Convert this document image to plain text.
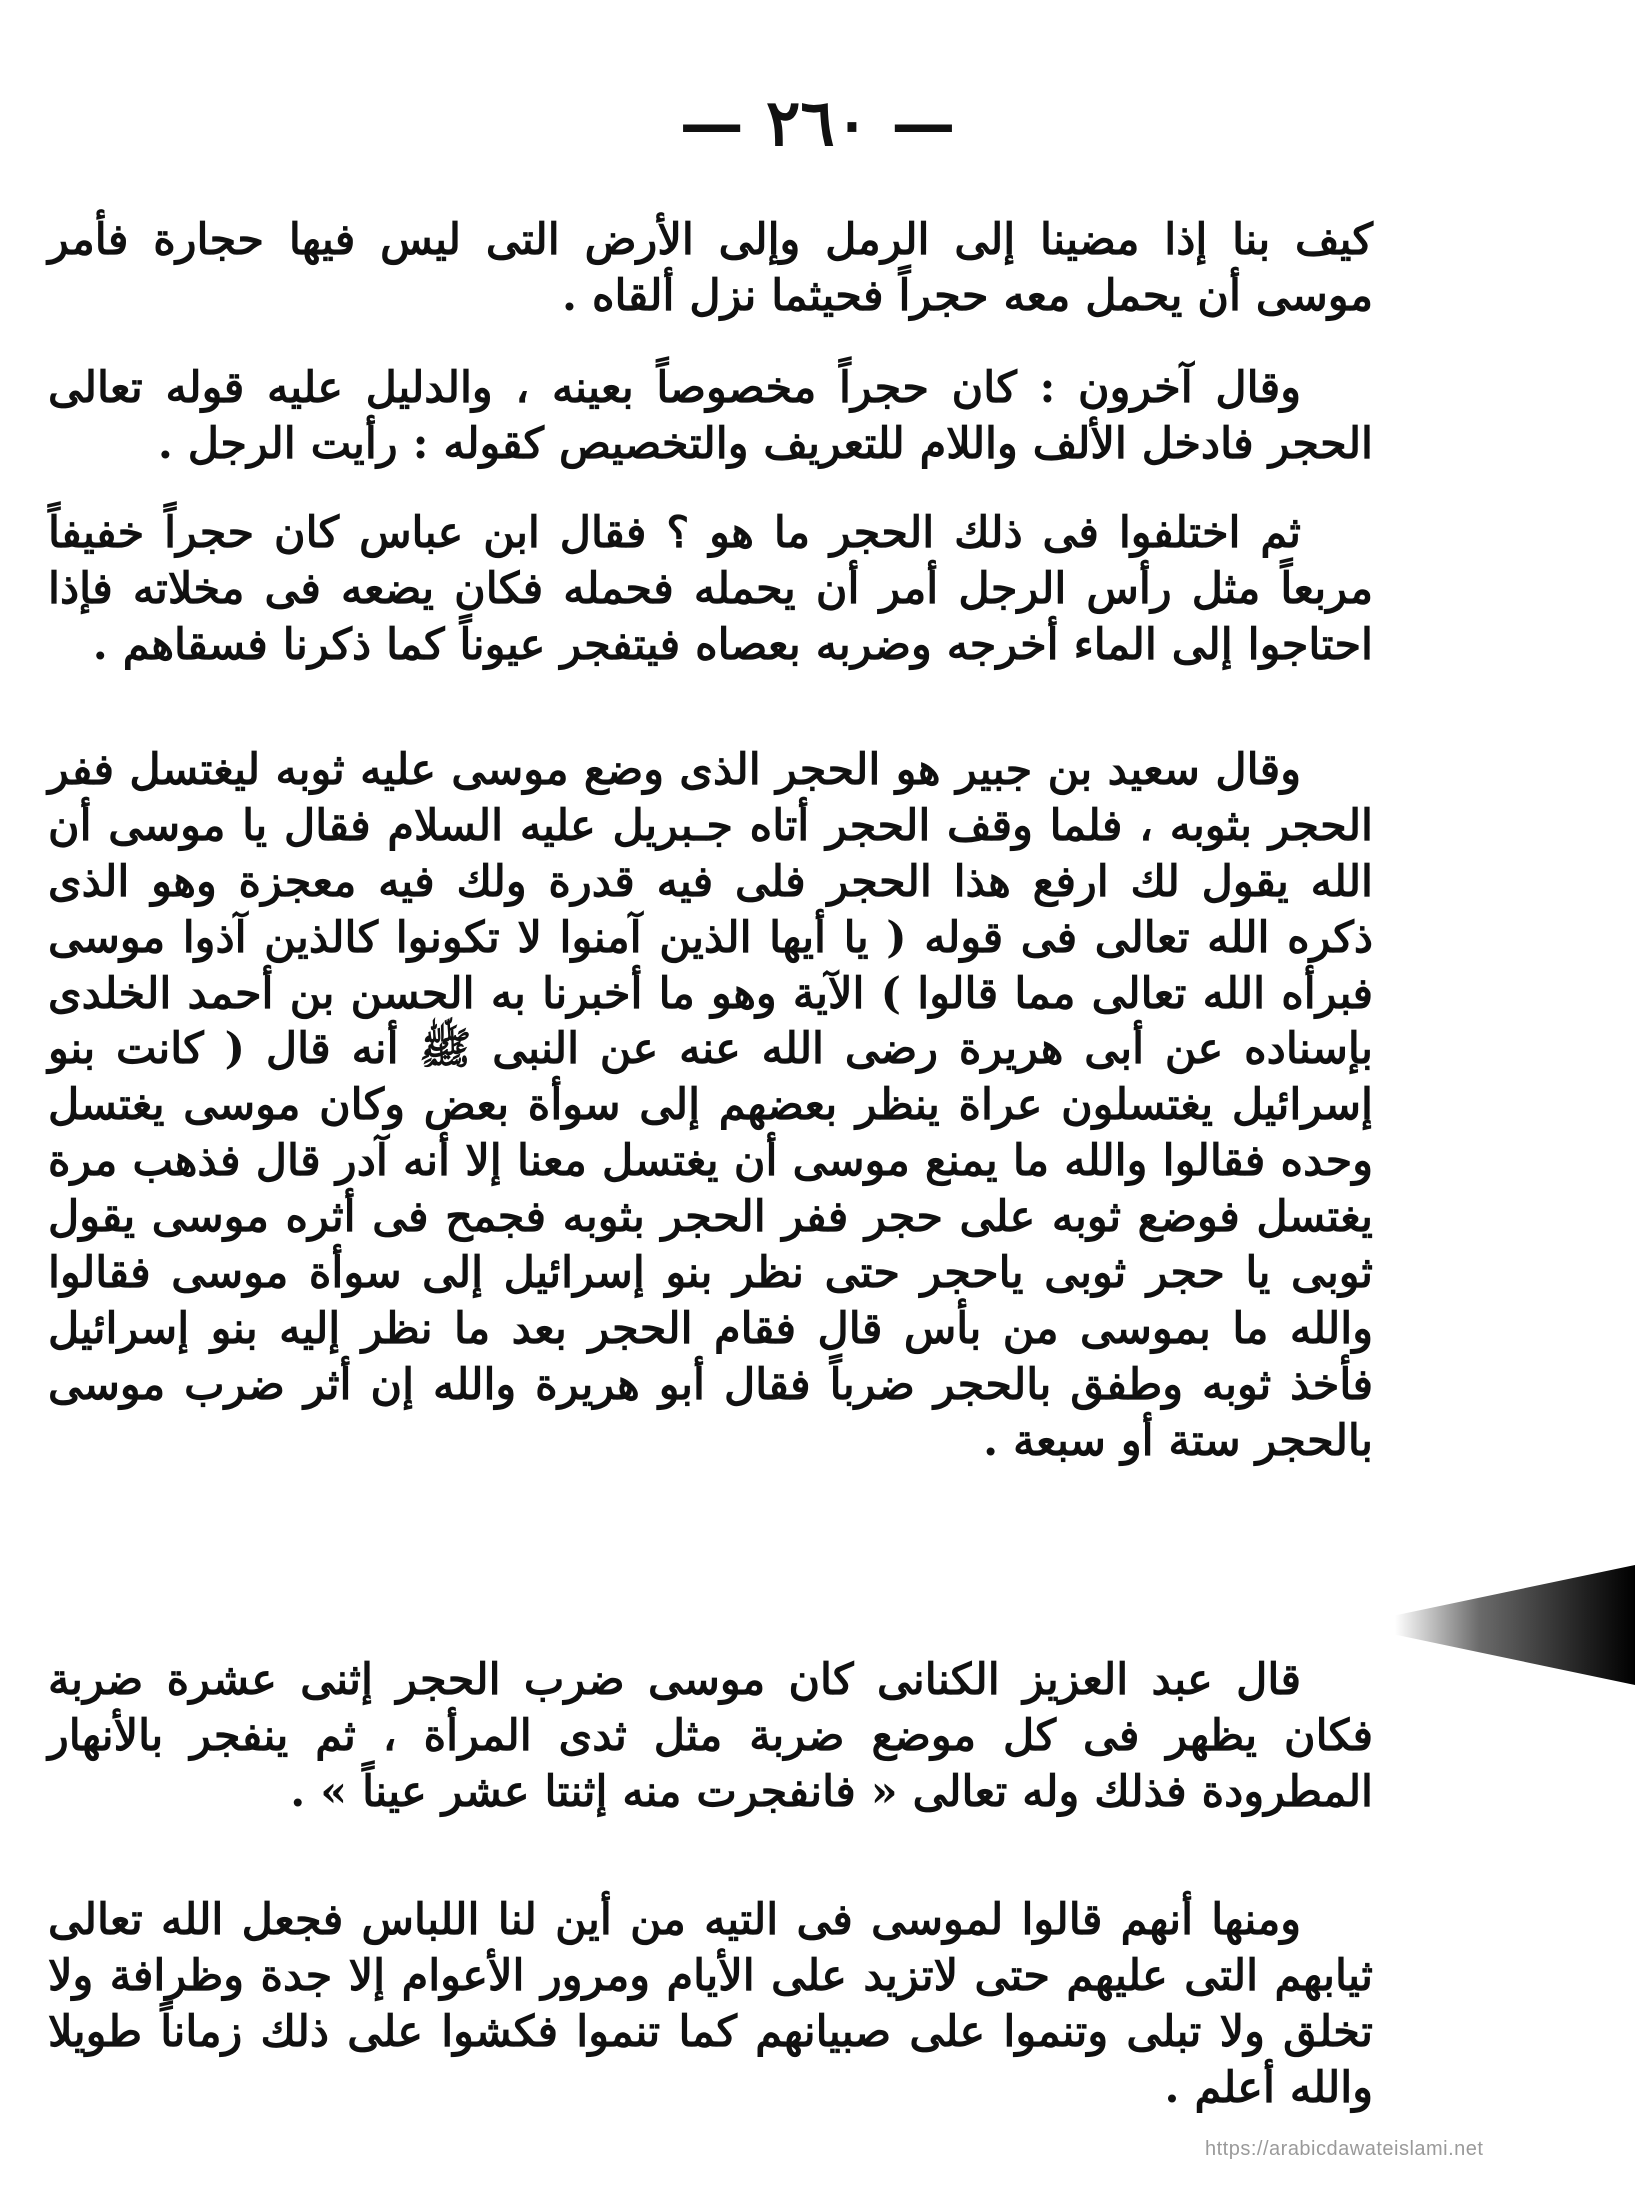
— ٢٦٠ —

كيف بنا إذا مضينا إلى الرمل وإلى الأرض التى ليس فيها حجارة فأمر موسى أن يحمل معه حجراً فحيثما نزل ألقاه .

وقال آخرون : كان حجراً مخصوصاً بعينه ، والدليل عليه قوله تعالى الحجر فادخل الألف واللام للتعريف والتخصيص كقوله : رأيت الرجل .

ثم اختلفوا فى ذلك الحجر ما هو ؟ فقال ابن عباس كان حجراً خفيفاً مربعاً مثل رأس الرجل أمر أن يحمله فحمله فكان يضعه فى مخلاته فإذا احتاجوا إلى الماء أخرجه وضربه بعصاه فيتفجر عيوناً كما ذكرنا فسقاهم .

وقال سعيد بن جبير هو الحجر الذى وضع موسى عليه ثوبه ليغتسل ففر الحجر بثوبه ، فلما وقف الحجر أتاه جـبريل عليه السلام فقال يا موسى أن الله يقول لك ارفع هذا الحجر فلى فيه قدرة ولك فيه معجزة وهو الذى ذكره الله تعالى فى قوله ( يا أيها الذين آمنوا لا تكونوا كالذين آذوا موسى فبرأه الله تعالى مما قالوا ) الآية وهو ما أخبرنا به الحسن بن أحمد الخلدى بإسناده عن أبى هريرة رضى الله عنه عن النبى ﷺ أنه قال ( كانت بنو إسرائيل يغتسلون عراة ينظر بعضهم إلى سوأة بعض وكان موسى يغتسل وحده فقالوا والله ما يمنع موسى أن يغتسل معنا إلا أنه آدر قال فذهب مرة يغتسل فوضع ثوبه على حجر ففر الحجر بثوبه فجمح فى أثره موسى يقول ثوبى يا حجر ثوبى ياحجر حتى نظر بنو إسرائيل إلى سوأة موسى فقالوا والله ما بموسى من بأس قال فقام الحجر بعد ما نظر إليه بنو إسرائيل فأخذ ثوبه وطفق بالحجر ضرباً فقال أبو هريرة والله إن أثر ضرب موسى بالحجر ستة أو سبعة .

قال عبد العزيز الكنانى كان موسى ضرب الحجر إثنى عشرة ضربة فكان يظهر فى كل موضع ضربة مثل ثدى المرأة ، ثم ينفجر بالأنهار المطرودة فذلك وله تعالى « فانفجرت منه إثنتا عشر عيناً » .

ومنها أنهم قالوا لموسى فى التيه من أين لنا اللباس فجعل الله تعالى ثيابهم التى عليهم حتى لاتزيد على الأيام ومرور الأعوام إلا جدة وظرافة ولا تخلق ولا تبلى وتنموا على صبيانهم كما تنموا فكشوا على ذلك زماناً طويلا والله أعلم .

https://arabicdawateislami.net
